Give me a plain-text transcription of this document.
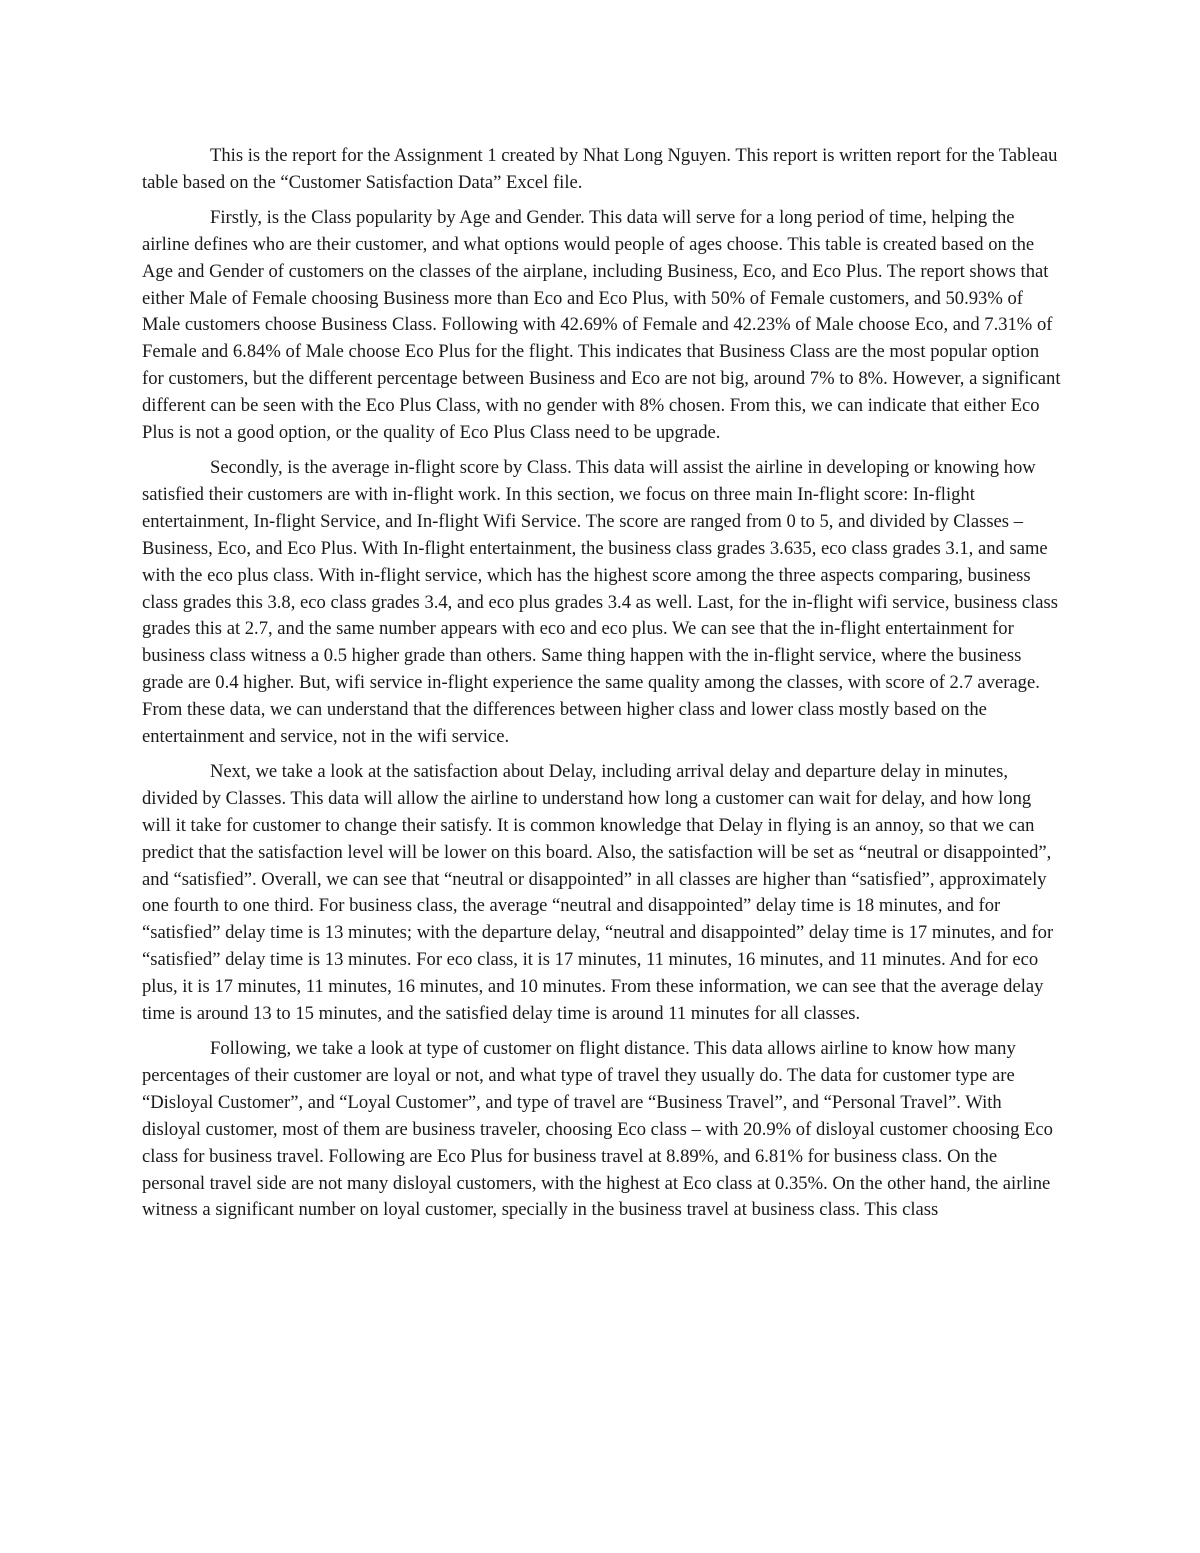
This is the report for the Assignment 1 created by Nhat Long Nguyen. This report is written report for the Tableau table based on the “Customer Satisfaction Data” Excel file.

Firstly, is the Class popularity by Age and Gender. This data will serve for a long period of time, helping the airline defines who are their customer, and what options would people of ages choose. This table is created based on the Age and Gender of customers on the classes of the airplane, including Business, Eco, and Eco Plus. The report shows that either Male of Female choosing Business more than Eco and Eco Plus, with 50% of Female customers, and 50.93% of Male customers choose Business Class. Following with 42.69% of Female and 42.23% of Male choose Eco, and 7.31% of Female and 6.84% of Male choose Eco Plus for the flight. This indicates that Business Class are the most popular option for customers, but the different percentage between Business and Eco are not big, around 7% to 8%. However, a significant different can be seen with the Eco Plus Class, with no gender with 8% chosen. From this, we can indicate that either Eco Plus is not a good option, or the quality of Eco Plus Class need to be upgrade.

Secondly, is the average in-flight score by Class. This data will assist the airline in developing or knowing how satisfied their customers are with in-flight work. In this section, we focus on three main In-flight score: In-flight entertainment, In-flight Service, and In-flight Wifi Service. The score are ranged from 0 to 5, and divided by Classes – Business, Eco, and Eco Plus. With In-flight entertainment, the business class grades 3.635, eco class grades 3.1, and same with the eco plus class. With in-flight service, which has the highest score among the three aspects comparing, business class grades this 3.8, eco class grades 3.4, and eco plus grades 3.4 as well. Last, for the in-flight wifi service, business class grades this at 2.7, and the same number appears with eco and eco plus. We can see that the in-flight entertainment for business class witness a 0.5 higher grade than others. Same thing happen with the in-flight service, where the business grade are 0.4 higher. But, wifi service in-flight experience the same quality among the classes, with score of 2.7 average. From these data, we can understand that the differences between higher class and lower class mostly based on the entertainment and service, not in the wifi service.

Next, we take a look at the satisfaction about Delay, including arrival delay and departure delay in minutes, divided by Classes. This data will allow the airline to understand how long a customer can wait for delay, and how long will it take for customer to change their satisfy. It is common knowledge that Delay in flying is an annoy, so that we can predict that the satisfaction level will be lower on this board. Also, the satisfaction will be set as “neutral or disappointed”, and “satisfied”. Overall, we can see that “neutral or disappointed” in all classes are higher than “satisfied”, approximately one fourth to one third. For business class, the average “neutral and disappointed” delay time is 18 minutes, and for “satisfied” delay time is 13 minutes; with the departure delay, “neutral and disappointed” delay time is 17 minutes, and for “satisfied” delay time is 13 minutes. For eco class, it is 17 minutes, 11 minutes, 16 minutes, and 11 minutes. And for eco plus, it is 17 minutes, 11 minutes, 16 minutes, and 10 minutes. From these information, we can see that the average delay time is around 13 to 15 minutes, and the satisfied delay time is around 11 minutes for all classes.

Following, we take a look at type of customer on flight distance. This data allows airline to know how many percentages of their customer are loyal or not, and what type of travel they usually do. The data for customer type are “Disloyal Customer”, and “Loyal Customer”, and type of travel are “Business Travel”, and “Personal Travel”. With disloyal customer, most of them are business traveler, choosing Eco class – with 20.9% of disloyal customer choosing Eco class for business travel. Following are Eco Plus for business travel at 8.89%, and 6.81% for business class. On the personal travel side are not many disloyal customers, with the highest at Eco class at 0.35%. On the other hand, the airline witness a significant number on loyal customer, specially in the business travel at business class. This class
